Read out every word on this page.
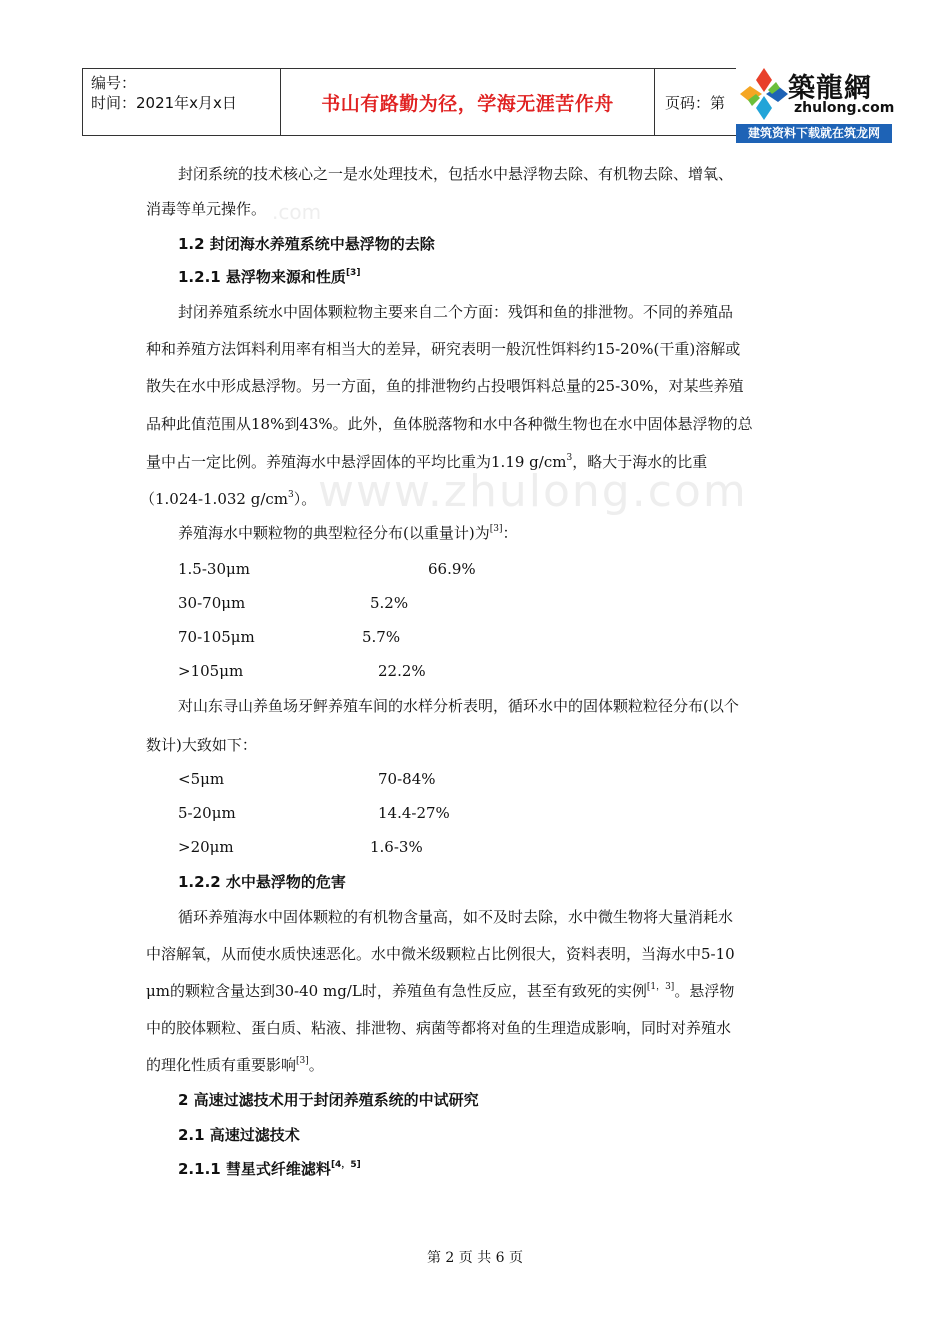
编号：
时间：2021年x月x日	书山有路勤为径，学海无涯苦作舟	页码：第 築龍網
zhulong.com
建筑资料下载就在筑龙网
.com
www.zhulong.com
封闭系统的技术核心之一是水处理技术，包括水中悬浮物去除、有机物去除、增氧、
消毒等单元操作。
1.2 封闭海水养殖系统中悬浮物的去除
1.2.1 悬浮物来源和性质[3]
封闭养殖系统水中固体颗粒物主要来自二个方面：残饵和鱼的排泄物。不同的养殖品
种和养殖方法饵料利用率有相当大的差异，研究表明一般沉性饵料约15-20%(干重)溶解或
散失在水中形成悬浮物。另一方面，鱼的排泄物约占投喂饵料总量的25-30%，对某些养殖
品种此值范围从18%到43%。此外，鱼体脱落物和水中各种微生物也在水中固体悬浮物的总
量中占一定比例。养殖海水中悬浮固体的平均比重为1.19 $g/cm^3$，略大于海水的比重
（1.024-1.032 $g/cm^3$）。
养殖海水中颗粒物的典型粒径分布(以重量计)为[3]：
1.5-30μm	66.9%
30-70μm	5.2%
70-105μm	5.7%
>105μm	22.2%
对山东寻山养鱼场牙鲆养殖车间的水样分析表明，循环水中的固体颗粒粒径分布(以个
数计)大致如下：
<5μm	70-84%
5-20μm	14.4-27%
>20μm	1.6-3%
1.2.2 水中悬浮物的危害
循环养殖海水中固体颗粒的有机物含量高，如不及时去除，水中微生物将大量消耗水
中溶解氧，从而使水质快速恶化。水中微米级颗粒占比例很大，资料表明，当海水中5-10
μm的颗粒含量达到30-40 mg/L时，养殖鱼有急性反应，甚至有致死的实例[1，3]。悬浮物
中的胶体颗粒、蛋白质、粘液、排泄物、病菌等都将对鱼的生理造成影响，同时对养殖水
的理化性质有重要影响[3]。
2 高速过滤技术用于封闭养殖系统的中试研究
2.1 高速过滤技术
2.1.1 彗星式纤维滤料[4，5]
第 2 页 共 6 页
